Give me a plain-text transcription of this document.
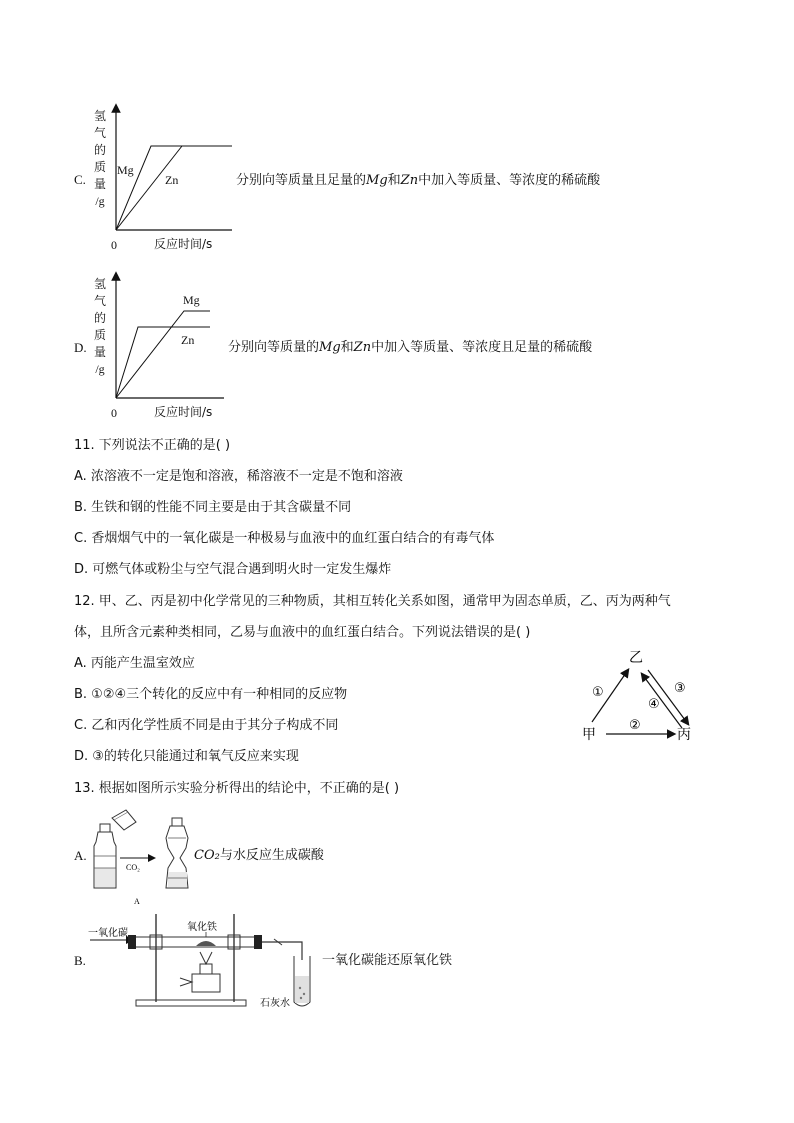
C.
氢
气
的
质
量
/g
Mg
Zn
0	反应时间/s
分别向等质量且足量的Mg和Zn中加入等质量、等浓度的稀硫酸
D.
氢
气
的
质
量
/g
Mg
Zn
0	反应时间/s
分别向等质量的Mg和Zn中加入等质量、等浓度且足量的稀硫酸
11. 下列说法不正确的是( )
A. 浓溶液不一定是饱和溶液，稀溶液不一定是不饱和溶液
B. 生铁和钢的性能不同主要是由于其含碳量不同
C. 香烟烟气中的一氧化碳是一种极易与血液中的血红蛋白结合的有毒气体
D. 可燃气体或粉尘与空气混合遇到明火时一定发生爆炸
12. 甲、乙、丙是初中化学常见的三种物质，其相互转化关系如图，通常甲为固态单质，乙、丙为两种气
体，且所含元素种类相同，乙易与血液中的血红蛋白结合。下列说法错误的是( )
A. 丙能产生温室效应
B. ①②④三个转化的反应中有一种相同的反应物
C. 乙和丙化学性质不同是由于其分子构成不同
D. ③的转化只能通过和氧气反应来实现
乙
甲	丙
①
②
③
④
13. 根据如图所示实验分析得出的结论中，不正确的是( )
A.
CO₂
A
CO₂与水反应生成碳酸
B.
一氧化碳
氧化铁
石灰水
一氧化碳能还原氧化铁
